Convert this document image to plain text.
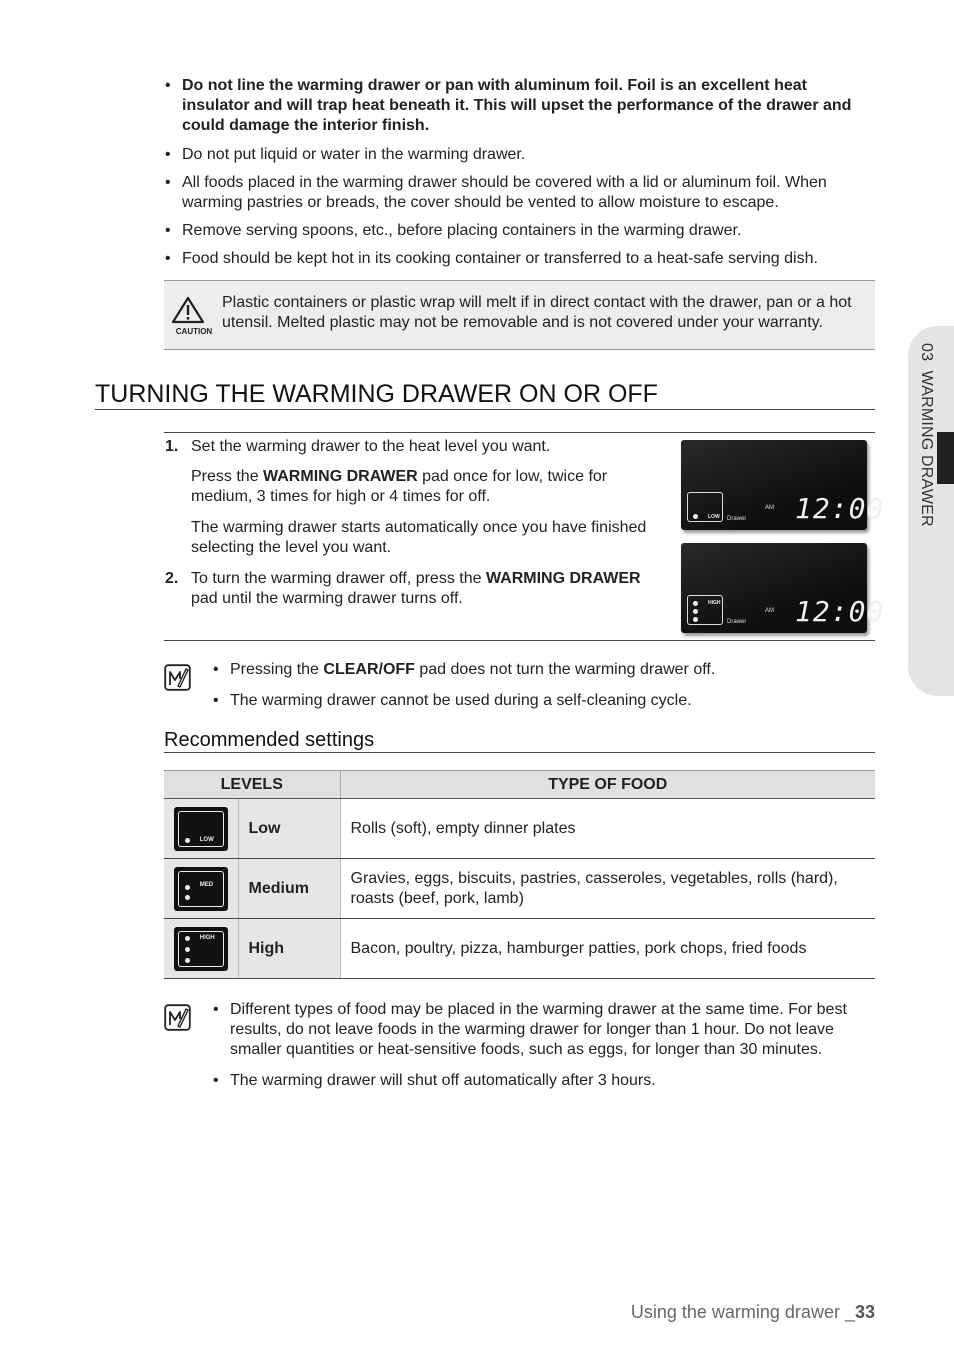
• Do not line the warming drawer or pan with aluminum foil. Foil is an excellent heat insulator and will trap heat beneath it. This will upset the performance of the drawer and could damage the interior finish.
• Do not put liquid or water in the warming drawer.
• All foods placed in the warming drawer should be covered with a lid or aluminum foil. When warming pastries or breads, the cover should be vented to allow moisture to escape.
• Remove serving spoons, etc., before placing containers in the warming drawer.
• Food should be kept hot in its cooking container or transferred to a heat-safe serving dish.
CAUTION
Plastic containers or plastic wrap will melt if in direct contact with the drawer, pan or a hot utensil. Melted plastic may not be removable and is not covered under your warranty.
TURNING THE WARMING DRAWER ON OR OFF
1. Set the warming drawer to the heat level you want.
Press the WARMING DRAWER pad once for low, twice for medium, 3 times for high or 4 times for off.
The warming drawer starts automatically once you have finished selecting the level you want.
2. To turn the warming drawer off, press the WARMING DRAWER pad until the warming drawer turns off.
LOW Drawer
AM 12:00
HIGH
Drawer
AM 12:00
• Pressing the CLEAR/OFF pad does not turn the warming drawer off.
• The warming drawer cannot be used during a self-cleaning cycle.
Recommended settings
LEVELS		TYPE OF FOOD

LOW	Low	Rolls (soft), empty dinner plates

MED	Medium	Gravies, eggs, biscuits, pastries, casseroles, vegetables, rolls (hard), roasts (beef, pork, lamb)

HIGH	High	Bacon, poultry, pizza, hamburger patties, pork chops, fried foods
• Different types of food may be placed in the warming drawer at the same time. For best results, do not leave foods in the warming drawer for longer than 1 hour. Do not leave smaller quantities or heat-sensitive foods, such as eggs, for longer than 30 minutes.
• The warming drawer will shut off automatically after 3 hours.
03  WARMING DRAWER
Using the warming drawer _33
